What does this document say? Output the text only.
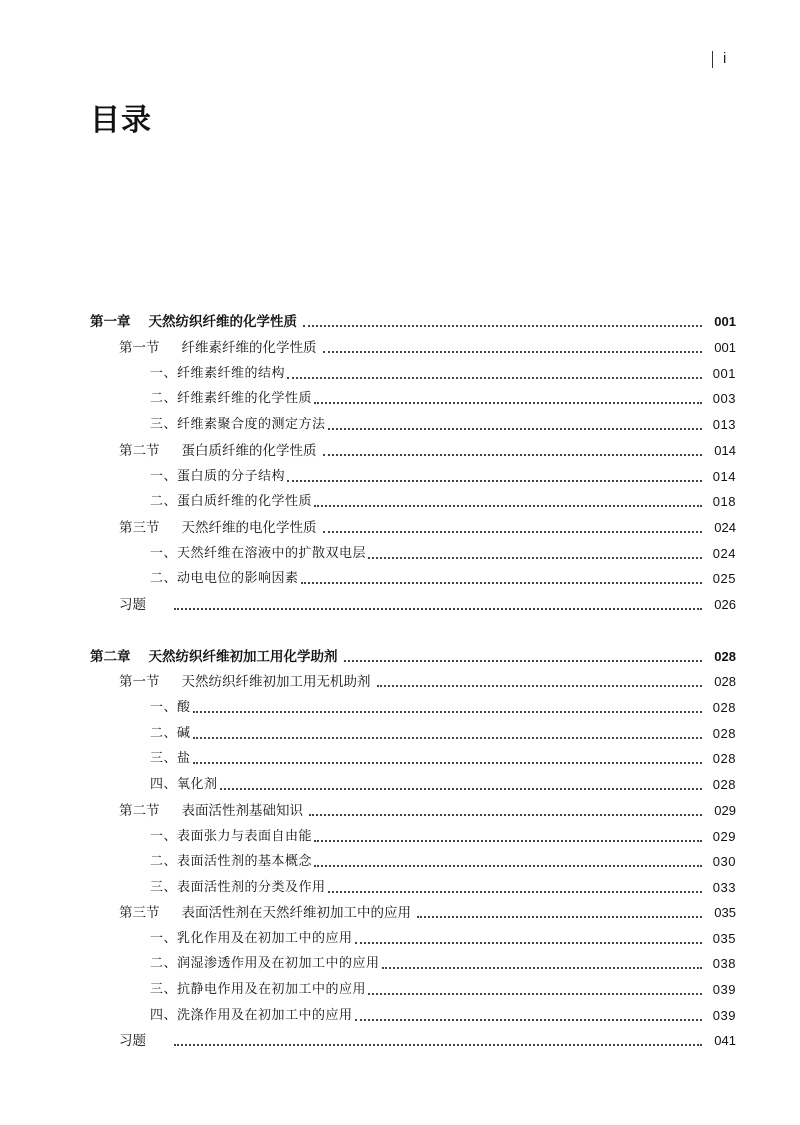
i
目录
第一章 天然纺织纤维的化学性质	001
第一节 纤维素纤维的化学性质	001
一、纤维素纤维的结构	001
二、纤维素纤维的化学性质	003
三、纤维素聚合度的测定方法	013
第二节 蛋白质纤维的化学性质	014
一、蛋白质的分子结构	014
二、蛋白质纤维的化学性质	018
第三节 天然纤维的电化学性质	024
一、天然纤维在溶液中的扩散双电层	024
二、动电电位的影响因素	025
习题	026
第二章 天然纺织纤维初加工用化学助剂	028
第一节 天然纺织纤维初加工用无机助剂	028
一、酸	028
二、碱	028
三、盐	028
四、氧化剂	028
第二节 表面活性剂基础知识	029
一、表面张力与表面自由能	029
二、表面活性剂的基本概念	030
三、表面活性剂的分类及作用	033
第三节 表面活性剂在天然纤维初加工中的应用	035
一、乳化作用及在初加工中的应用	035
二、润湿渗透作用及在初加工中的应用	038
三、抗静电作用及在初加工中的应用	039
四、洗涤作用及在初加工中的应用	039
习题	041
